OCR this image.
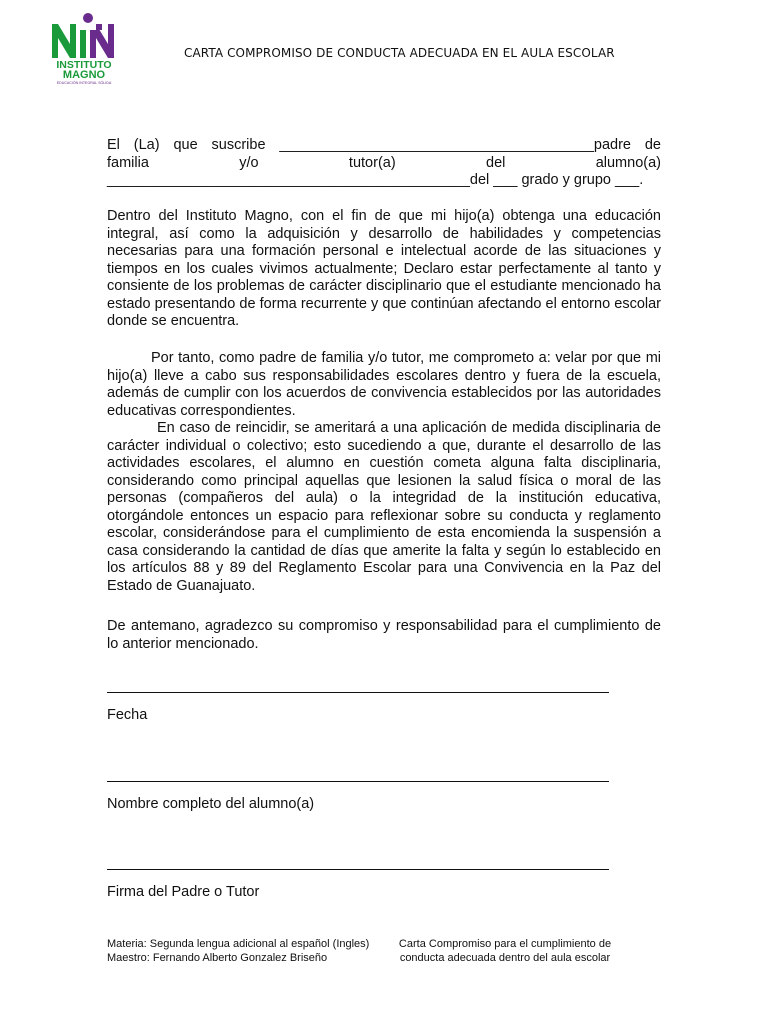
INSTITUTO
MAGNO
EDUCACIÓN INTEGRAL SÓLIDA
CARTA COMPROMISO DE CONDUCTA ADECUADA EN EL AULA ESCOLAR

El (La) que suscribe _______________________________________padre de

familia y/o tutor(a) del alumno(a)

_____________________________________________del ___ grado y grupo ___.

Dentro del Instituto Magno, con el fin de que mi hijo(a) obtenga una educación integral, así como la adquisición y desarrollo de habilidades y competencias necesarias para una formación personal e intelectual acorde de las situaciones y tiempos en los cuales vivimos actualmente; Declaro estar perfectamente al tanto y consiente de los problemas de carácter disciplinario que el estudiante mencionado ha estado presentando de forma recurrente y que continúan afectando el entorno escolar donde se encuentra.

Por tanto, como padre de familia y/o tutor, me comprometo a: velar por que mi hijo(a) lleve a cabo sus responsabilidades escolares dentro y fuera de la escuela, además de cumplir con los acuerdos de convivencia establecidos por las autoridades educativas correspondientes.

En caso de reincidir, se ameritará a una aplicación de medida disciplinaria de carácter individual o colectivo; esto sucediendo a que, durante el desarrollo de las actividades escolares, el alumno en cuestión cometa alguna falta disciplinaria, considerando como principal aquellas que lesionen la salud física o moral de las personas (compañeros del aula) o la integridad de la institución educativa, otorgándole entonces un espacio para reflexionar sobre su conducta y reglamento escolar, considerándose para el cumplimiento de esta encomienda la suspensión a casa considerando la cantidad de días que amerite la falta y según lo establecido en los artículos 88 y 89 del Reglamento Escolar para una Convivencia en la Paz del Estado de Guanajuato.

De antemano, agradezco su compromiso y responsabilidad para el cumplimiento de lo anterior mencionado.

Fecha
Nombre completo del alumno(a)
Firma del Padre o Tutor
Materia: Segunda lengua adicional al español (Ingles)
Maestro: Fernando Alberto Gonzalez Briseño
Carta Compromiso para el cumplimiento de
conducta adecuada dentro del aula escolar
